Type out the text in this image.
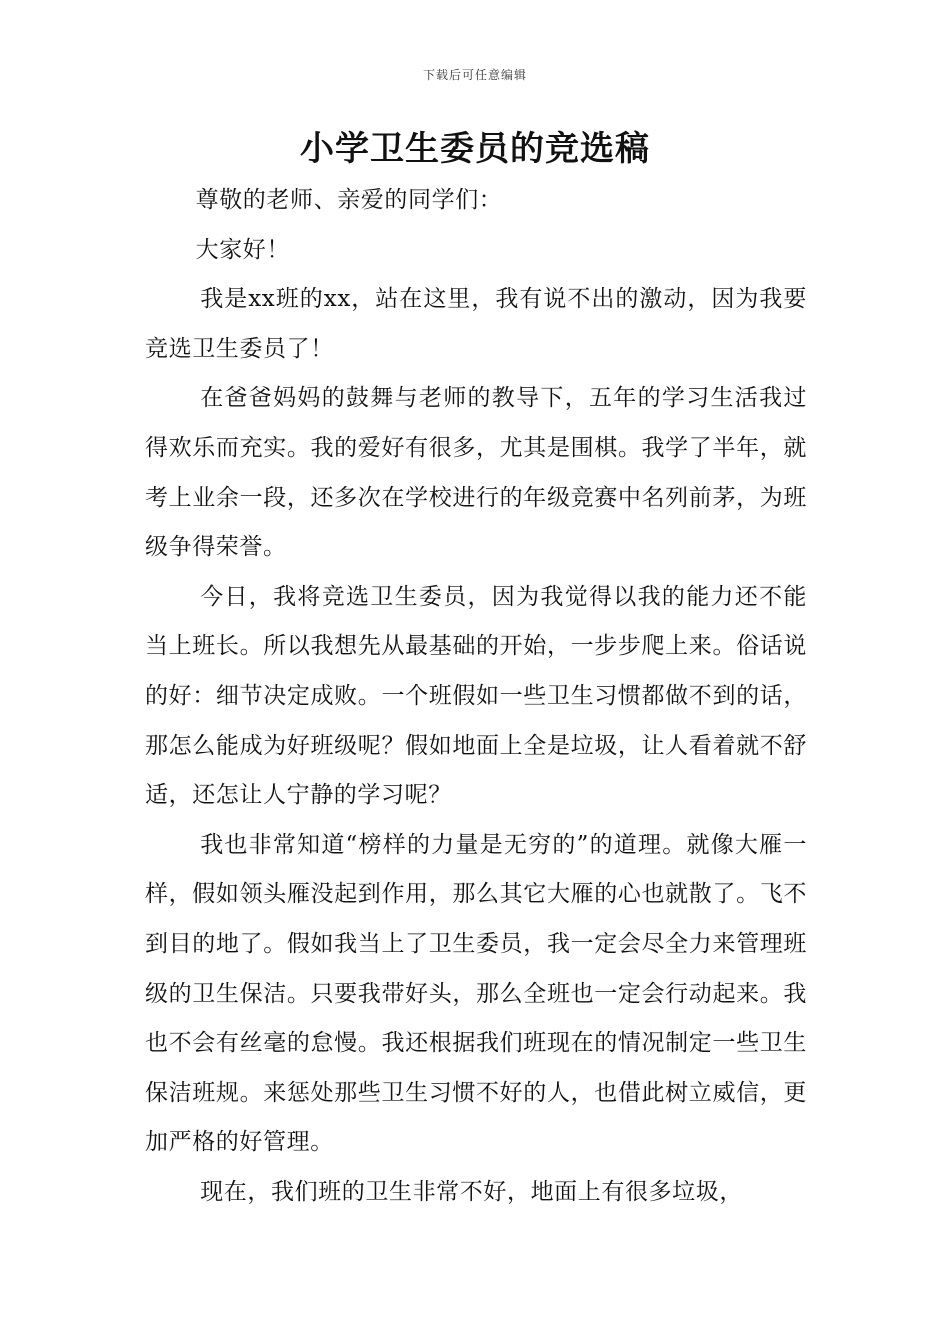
下载后可任意编辑
小学卫生委员的竞选稿

尊敬的老师、亲爱的同学们：

大家好！

我是xx班的xx，站在这里，我有说不出的激动，因为我要竞选卫生委员了！

在爸爸妈妈的鼓舞与老师的教导下，五年的学习生活我过得欢乐而充实。我的爱好有很多，尤其是围棋。我学了半年，就考上业余一段，还多次在学校进行的年级竞赛中名列前茅，为班级争得荣誉。

今日，我将竞选卫生委员，因为我觉得以我的能力还不能当上班长。所以我想先从最基础的开始，一步步爬上来。俗话说的好：细节决定成败。一个班假如一些卫生习惯都做不到的话，那怎么能成为好班级呢？假如地面上全是垃圾，让人看着就不舒适，还怎让人宁静的学习呢？

我也非常知道“榜样的力量是无穷的”的道理。就像大雁一样，假如领头雁没起到作用，那么其它大雁的心也就散了。飞不到目的地了。假如我当上了卫生委员，我一定会尽全力来管理班级的卫生保洁。只要我带好头，那么全班也一定会行动起来。我也不会有丝毫的怠慢。我还根据我们班现在的情况制定一些卫生保洁班规。来惩处那些卫生习惯不好的人，也借此树立威信，更加严格的好管理。

现在，我们班的卫生非常不好，地面上有很多垃圾，
